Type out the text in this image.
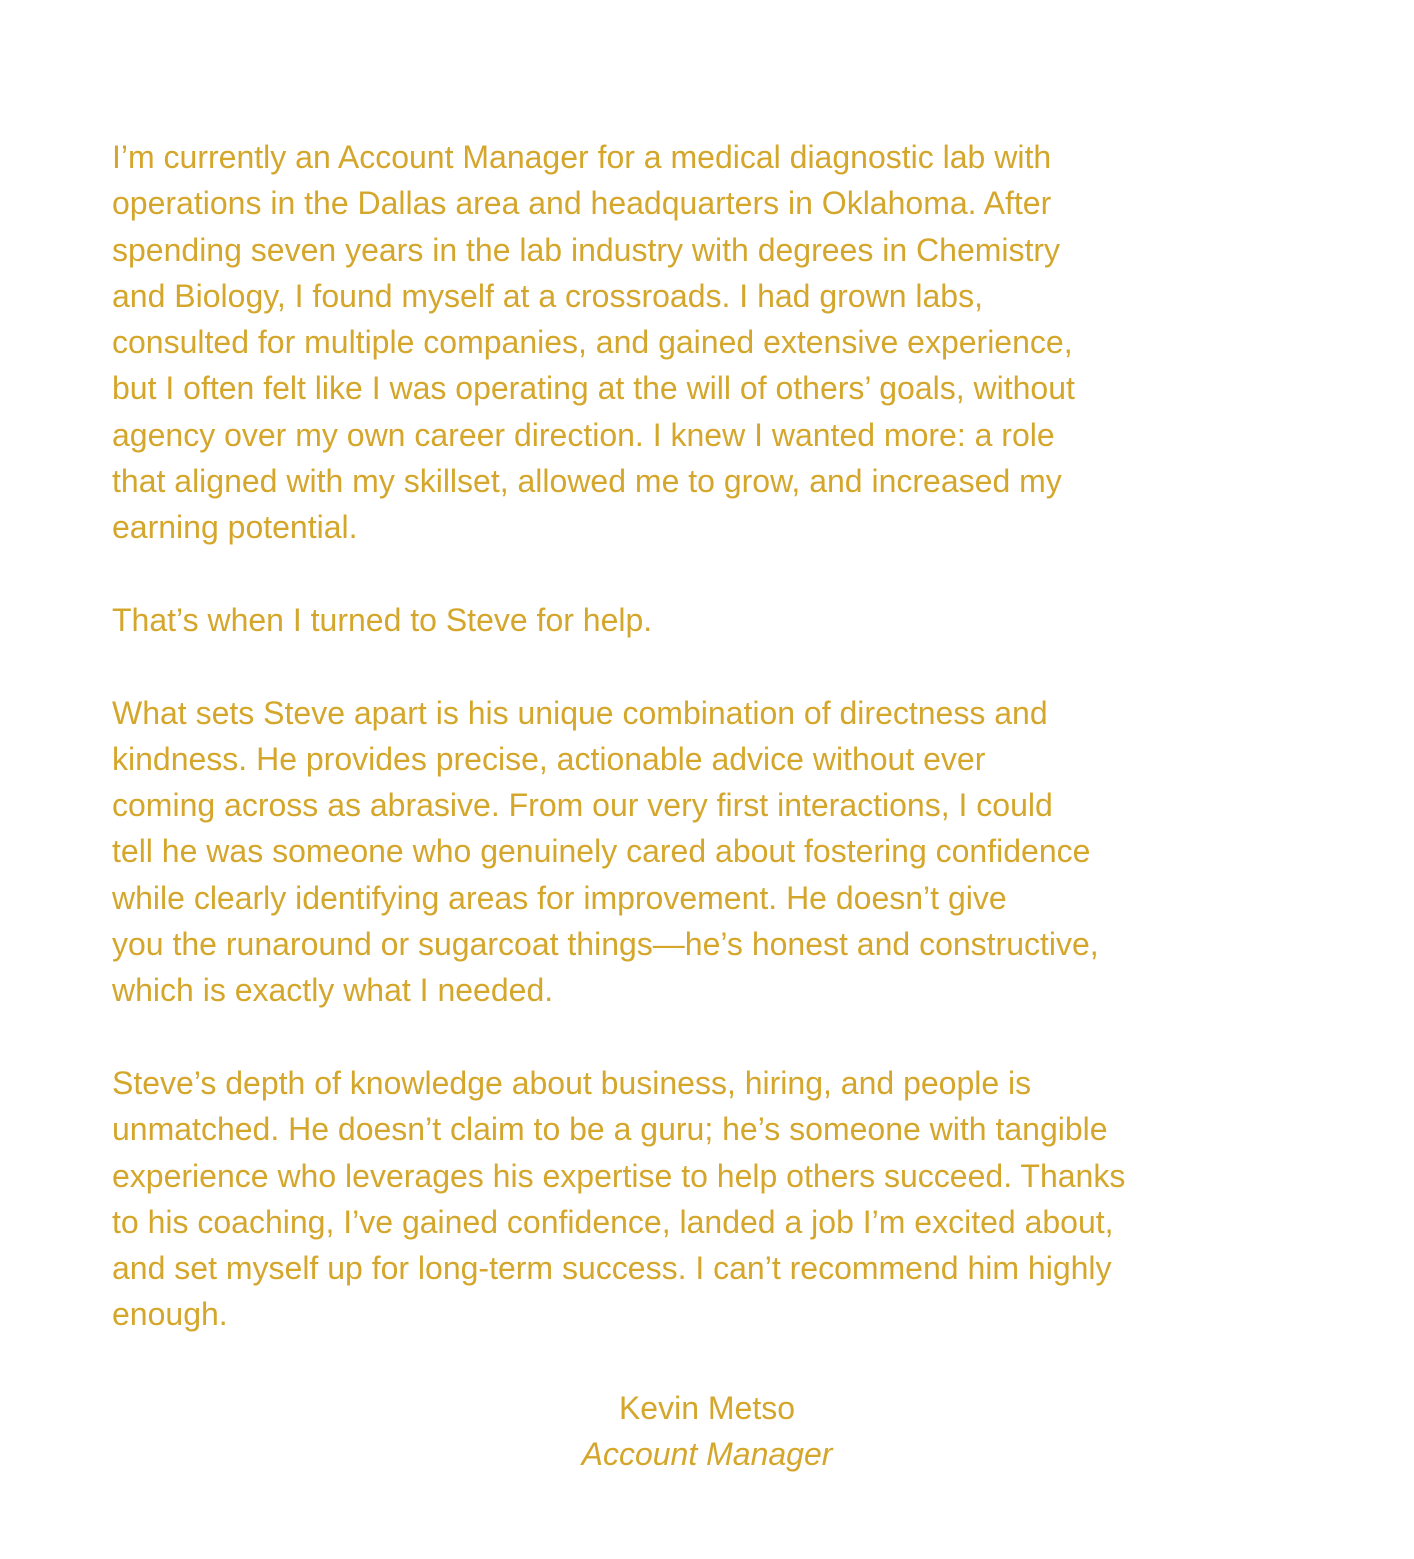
I’m currently an Account Manager for a medical diagnostic lab with
operations in the Dallas area and headquarters in Oklahoma. After
spending seven years in the lab industry with degrees in Chemistry
and Biology, I found myself at a crossroads. I had grown labs,
consulted for multiple companies, and gained extensive experience,
but I often felt like I was operating at the will of others’ goals, without
agency over my own career direction. I knew I wanted more: a role
that aligned with my skillset, allowed me to grow, and increased my
earning potential.

That’s when I turned to Steve for help.

What sets Steve apart is his unique combination of directness and
kindness. He provides precise, actionable advice without ever
coming across as abrasive. From our very first interactions, I could
tell he was someone who genuinely cared about fostering confidence
while clearly identifying areas for improvement. He doesn’t give
you the runaround or sugarcoat things—he’s honest and constructive,
which is exactly what I needed.

Steve’s depth of knowledge about business, hiring, and people is
unmatched. He doesn’t claim to be a guru; he’s someone with tangible
experience who leverages his expertise to help others succeed. Thanks
to his coaching, I’ve gained confidence, landed a job I’m excited about,
and set myself up for long-term success. I can’t recommend him highly
enough.

Kevin Metso
Account Manager
